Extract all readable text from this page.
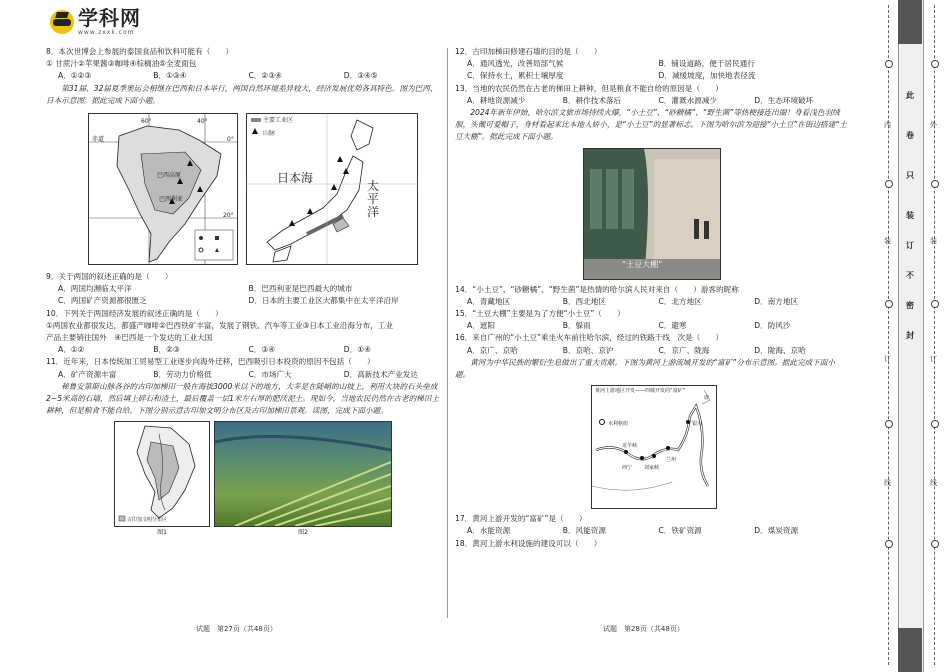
学科网
www.zxxk.com

8．本次世博会上参展的泰国食品和饮料可能有（　　）

① 甘蔗汁②苹果酱③咖啡④棕榈油⑤全麦面包

A．①②③	B．①③④	C．②③④	D．③④⑤

第31届、32届夏季奥运会相继在巴西和日本举行，两国自然环境差异较大，经济发展优势各具特色。图为巴西、日本示意图。据此完成下面小题。

赤道	0°
20°
60°	40°
巴西高原
巴西利亚
主要工业区
山脉
日本海
太平洋

9．关于两国的叙述正确的是（　　）

A．两国均濒临太平洋	B．巴西利亚是巴西最大的城市
C．两国矿产资源都很匮乏	D．日本的主要工业区大都集中在太平洋沿岸

10．下列关于两国经济发展的叙述正确的是（　　）

①两国农业都很发达，都盛产咖啡②巴西铁矿丰富，发展了钢铁、汽车等工业③日本工业沿海分布，工业

产品主要销往国外　④巴西是一个发达的工业大国

A．①②	B．②③	C．③④	D．①④

11．近年来，日本传统加工贸易型工业逐步向海外迁移，巴西吸引日本投资的原因不包括（　　）

A．矿产资源丰富	B．劳动力价格低	C．市场广大	D．高新技术产业发达

秘鲁安第斯山脉各谷的古印加梯田一般在海拔3000米以下的地方，大多是在陡峭的山坡上，利用大块的石头垒成2~5米高的石墙，然后填上碎石和渣土，最后覆盖一层1米左右厚的肥沃泥土。现如今，当地农民仍然在古老的梯田上耕种，但是粮食不能自给。下图分别示意古印加文明分布区及古印加梯田景观。读图，完成下面小题。

古印加文明分布区
图1	图2

12．古印加梯田修建石墙的目的是（　　）

A．通风透光，改善局部气候	B．铺设道路，便于居民通行
C．保持水土，累积土壤厚度	D．减缓坡度，加快地表径流

13．当地的农民仍然在古老的梯田上耕种，但是粮食不能自给的原因是（　　）

A．耕地资源减少	B．耕作技术落后	C．灌溉水源减少	D．生态环境破坏

2024年新年伊始，哈尔滨文旅市场持续火爆，“小土豆”、“砂糖橘”、“野生菌”等热梗接连出圈！身着浅色羽绒服，头戴可爱帽子，身材看起来比本地人娇小，是“小土豆”的显著标志。下图为哈尔滨为迎接“小土豆”在街边搭建“土豆大棚”。据此完成下面小题。

“土豆大棚”

14．“小土豆”、“砂糖橘”、“野生菌”是热情的哈尔滨人民对来自（　　）游客的昵称

A．青藏地区	B．西北地区	C．北方地区	D．南方地区

15．“土豆大棚”主要是为了方便“小土豆”（　　）

A．遮阳	B．躲雨	C．避寒	D．防风沙

16．来自广州的“小土豆”乘坐火车前往哈尔滨，经过的铁路干线　次是（　　）

A．京广、京哈	B．京哈、京沪	C．京广、陇海	D．陇海、京哈

黄河为中华民族的繁衍生息做出了重大贡献。下图为黄河上游流域开发的“富矿”分布示意图。据此完成下面小题。

黄河上游地区开发——四城开发的“富矿”
水利枢纽	银川
西宁
龙羊峡
刘家峡
兰州
唐

17．黄河上游开发的“富矿”是（　　）

A．水能资源	B．风能资源	C．铁矿资源	D．煤炭资源

18．黄河上游水利设施的建设可以（　　）

试题　第27页（共48页）	试题　第28页（共48页）
此
卷
只
装
订
不
密
封
内
装
订
线
外
装
订
线
